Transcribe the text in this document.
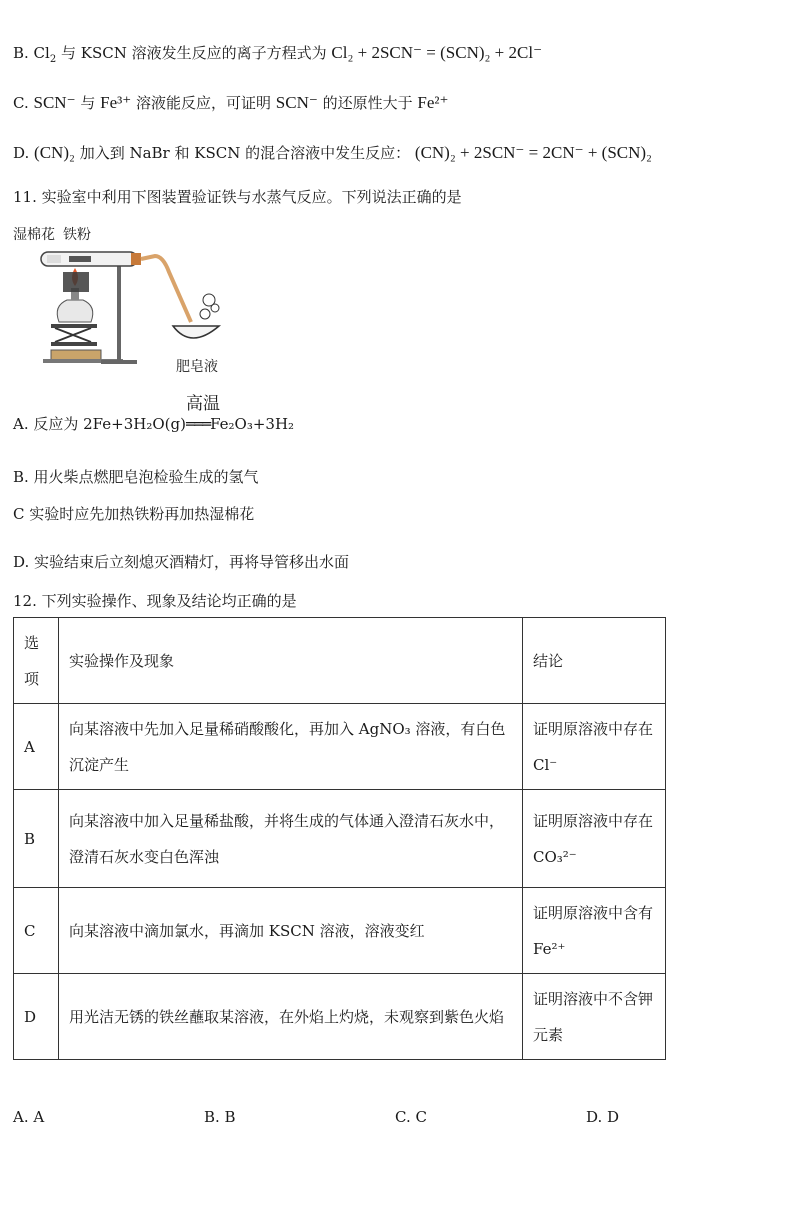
B. $Cl_2$ 与 KSCN 溶液发生反应的离子方程式为 Cl₂ + 2SCN⁻ = (SCN)₂ + 2Cl⁻
C. SCN⁻ 与 Fe³⁺ 溶液能反应，可证明 SCN⁻ 的还原性大于 Fe²⁺
D. (CN)₂ 加入到 NaBr 和 KSCN 的混合溶液中发生反应： (CN)₂ + 2SCN⁻ = 2CN⁻ + (SCN)₂
11. 实验室中利用下图装置验证铁与水蒸气反应。下列说法正确的是
湿棉花 铁粉
肥皂液
A. 反应为 2Fe+3H₂O(g)
高温
═══Fe₂O₃+3H₂
B. 用火柴点燃肥皂泡检验生成的氢气
C 实验时应先加热铁粉再加热湿棉花
D. 实验结束后立刻熄灭酒精灯，再将导管移出水面
12. 下列实验操作、现象及结论均正确的是
选项	实验操作及现象	结论
A	向某溶液中先加入足量稀硝酸酸化，再加入 AgNO₃ 溶液，有白色沉淀产生	证明原溶液中存在 Cl⁻
B	向某溶液中加入足量稀盐酸，并将生成的气体通入澄清石灰水中，澄清石灰水变白色浑浊	证明原溶液中存在 CO₃²⁻
C	向某溶液中滴加氯水，再滴加 KSCN 溶液，溶液变红	证明原溶液中含有 Fe²⁺
D	用光洁无锈的铁丝蘸取某溶液，在外焰上灼烧，未观察到紫色火焰	证明溶液中不含钾元素
A. A	B. B	C. C	D. D
